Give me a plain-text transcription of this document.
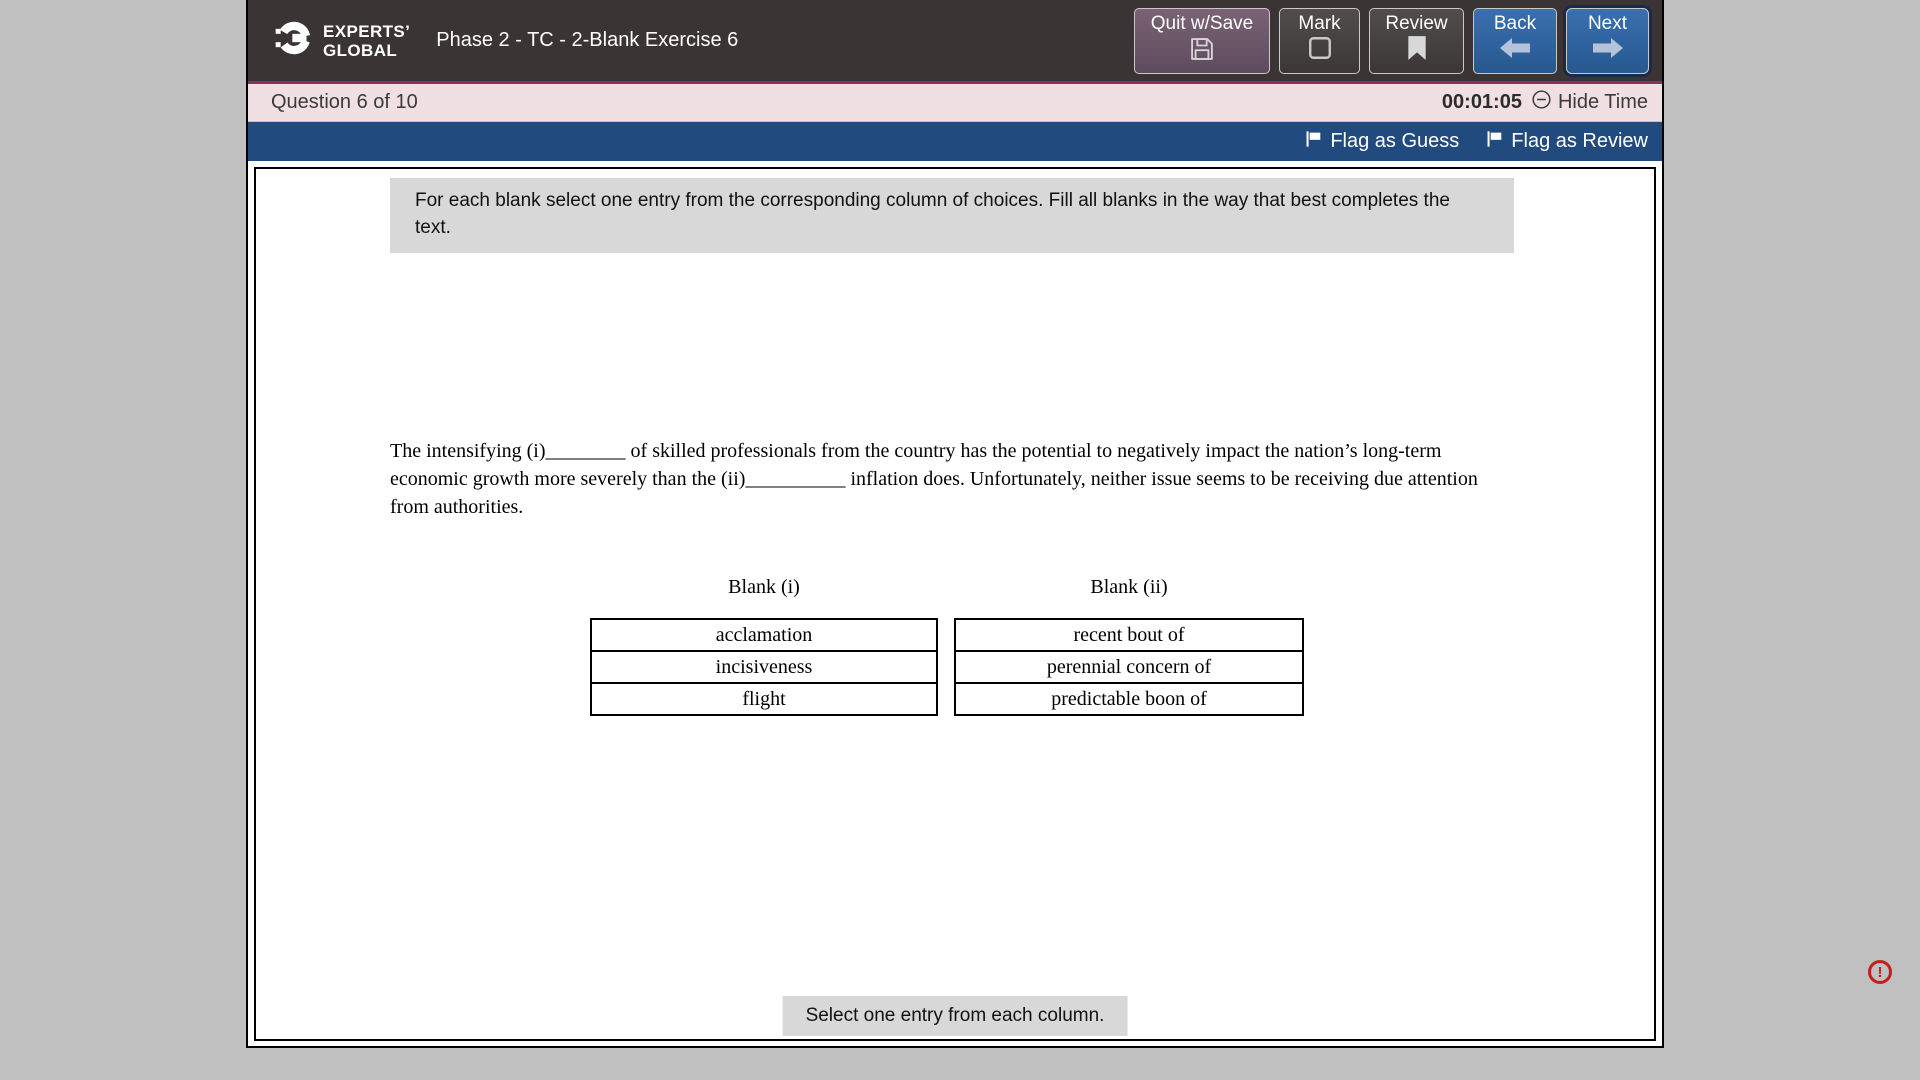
EXPERTS’
GLOBAL	Phase 2 - TC - 2-Blank Exercise 6
Quit w/Save Mark Review Back	Next
Question 6 of 10	00:01:05 Hide Time
Flag as Guess	Flag as Review
For each blank select one entry from the corresponding column of choices. Fill all blanks in the way that best completes the text.
The intensifying (i)________ of skilled professionals from the country has the potential to negatively impact the nation’s long-term economic growth more severely than the (ii)__________ inflation does. Unfortunately, neither issue seems to be receiving due attention from authorities.
Blank (i)
acclamation
incisiveness
flight
Blank (ii)
recent bout of
perennial concern of
predictable boon of
Select one entry from each column.
!
